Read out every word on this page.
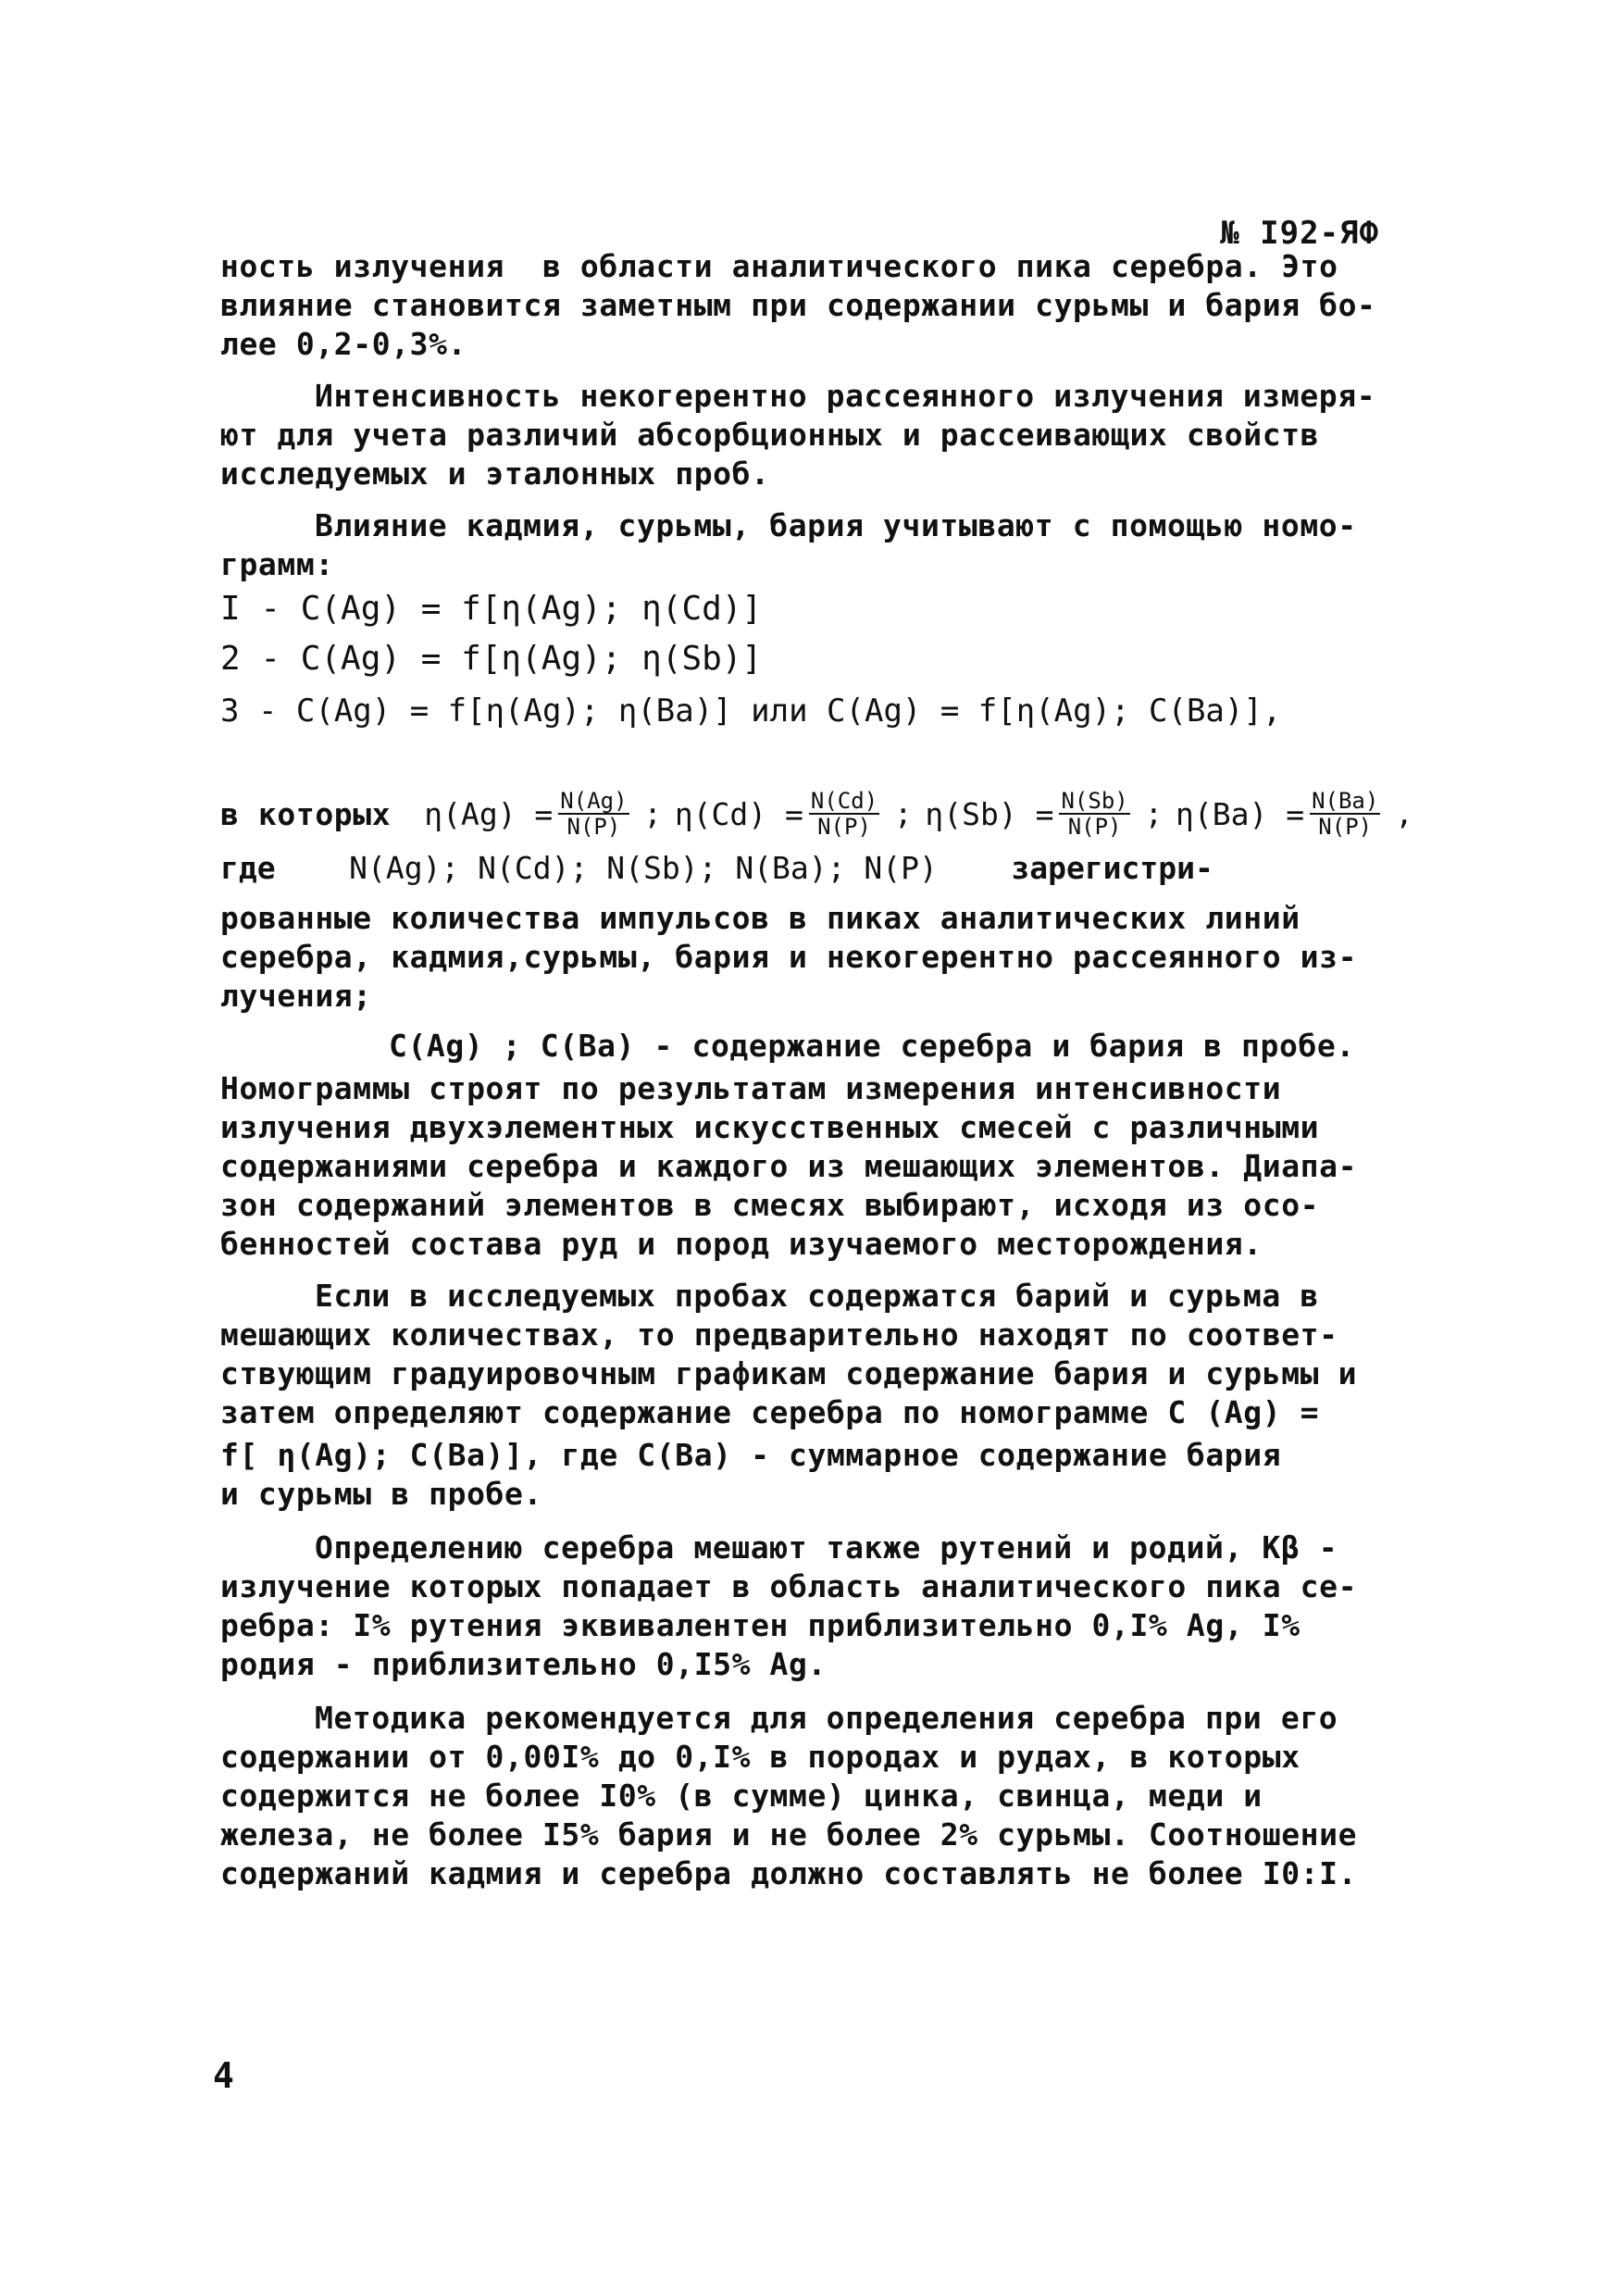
№ I92-ЯФ
ность излучения  в области аналитического пика серебра. Это
влияние становится заметным при содержании сурьмы и бария бо-
лее 0,2-0,3%.
Интенсивность некогерентно рассеянного излучения измеря-
ют для учета различий абсорбционных и рассеивающих свойств
исследуемых и эталонных проб.
Влияние кадмия, сурьмы, бария учитывают с помощью номо-
грамм:
I - C(Ag) = f[η(Ag); η(Cd)]
2 - C(Ag) = f[η(Ag); η(Sb)]
3 - C(Ag) = f[η(Ag); η(Ba)] или C(Ag) = f[η(Ag); C(Ba)],
в которых $\eta(Ag) = \frac{N(Ag)}{N(P)}$ ; $\eta(Cd) = \frac{N(Cd)}{N(P)}$ ; $\eta(Sb) = \frac{N(Sb)}{N(P)}$ ; $\eta(Ba) = \frac{N(Ba)}{N(P)}$ ,
где N(Ag); N(Cd); N(Sb); N(Ba); N(P) зарегистри-
рованные количества импульсов в пиках аналитических линий
серебра, кадмия,сурьмы, бария и некогерентно рассеянного из-
лучения;
C(Ag) ; C(Ba) - содержание серебра и бария в пробе.
Номограммы строят по результатам измерения интенсивности
излучения двухэлементных искусственных смесей с различными
содержаниями серебра и каждого из мешающих элементов. Диапа-
зон содержаний элементов в смесях выбирают, исходя из осо-
бенностей состава руд и пород изучаемого месторождения.
Если в исследуемых пробах содержатся барий и сурьма в
мешающих количествах, то предварительно находят по соответ-
ствующим градуировочным графикам содержание бария и сурьмы и
затем определяют содержание серебра по номограмме C (Ag) =
f[ η(Ag); C(Ba)], где C(Ba) - суммарное содержание бария
и сурьмы в пробе.
Определению серебра мешают также рутений и родий, Kβ -
излучение которых попадает в область аналитического пика се-
ребра: I% рутения эквивалентен приблизительно 0,I% Ag, I%
родия - приблизительно 0,I5% Ag.
Методика рекомендуется для определения серебра при его
содержании от 0,00I% до 0,I% в породах и рудах, в которых
содержится не более I0% (в сумме) цинка, свинца, меди и
железа, не более I5% бария и не более 2% сурьмы. Соотношение
содержаний кадмия и серебра должно составлять не более I0:I.
4
